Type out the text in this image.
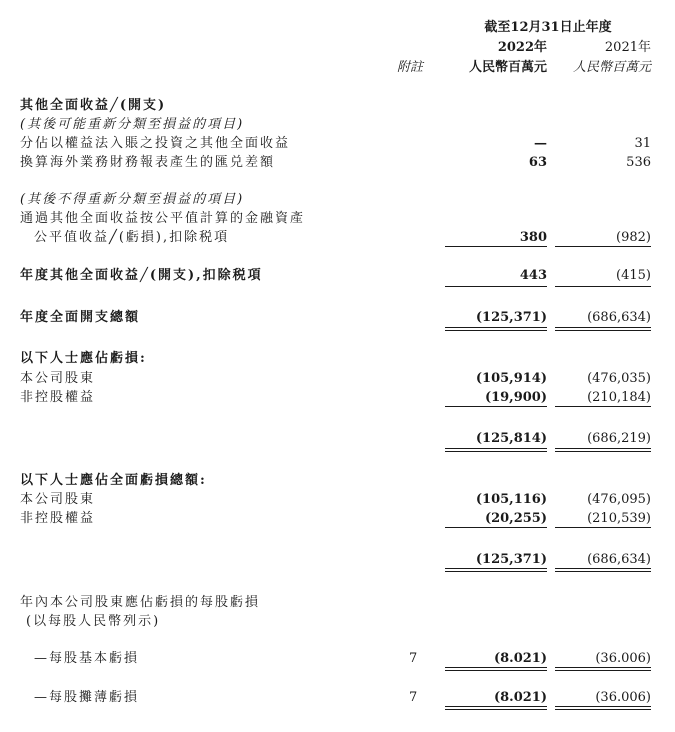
截至12月31日止年度
2022年	2021年
附註	人民幣百萬元 人民幣百萬元
其他全面收益╱(開支)
(其後可能重新分類至損益的項目)
分佔以權益法入賬之投資之其他全面收益	—	31
換算海外業務財務報表產生的匯兑差額	63	536
(其後不得重新分類至損益的項目)
通過其他全面收益按公平值計算的金融資產
公平值收益╱(虧損),扣除税項	380	(982)
年度其他全面收益╱(開支),扣除税項	443	(415)
年度全面開支總額	(125,371)	(686,634)
以下人士應佔虧損:
本公司股東	(105,914)	(476,035)
非控股權益	(19,900)	(210,184)
(125,814)	(686,219)
以下人士應佔全面虧損總額:
本公司股東	(105,116)	(476,095)
非控股權益	(20,255)	(210,539)
(125,371)	(686,634)
年內本公司股東應佔虧損的每股虧損
(以每股人民幣列示)
—每股基本虧損	7	(8.021)	(36.006)
—每股攤薄虧損	7	(8.021)	(36.006)
